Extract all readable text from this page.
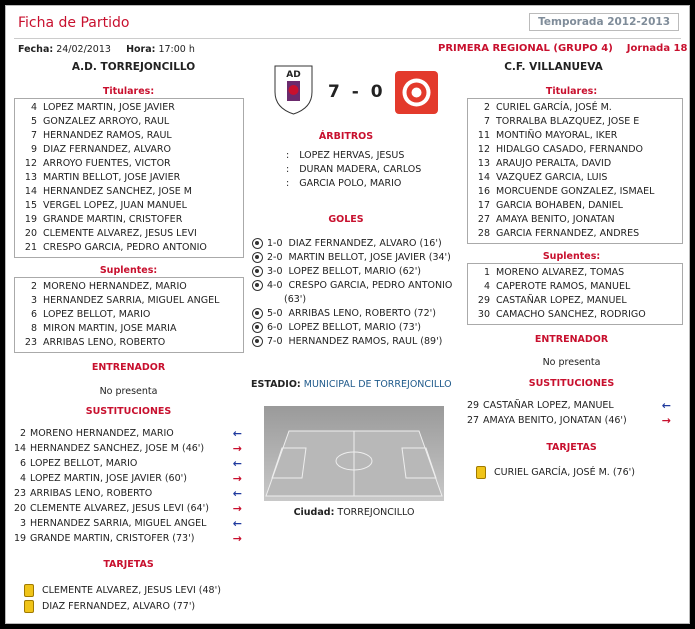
Ficha de Partido	Temporada 2012-2013
Fecha: 24/02/2013 Hora: 17:00 h	PRIMERA REGIONAL (GRUPO 4) Jornada 18
A.D. TORREJONCILLO	C.F. VILLANUEVA
AD
7 - 0
Titulares:
4 LOPEZ MARTIN, JOSE JAVIER
5 GONZALEZ ARROYO, RAUL
7 HERNANDEZ RAMOS, RAUL
9 DIAZ FERNANDEZ, ALVARO
12 ARROYO FUENTES, VICTOR
13 MARTIN BELLOT, JOSE JAVIER
14 HERNANDEZ SANCHEZ, JOSE M
15 VERGEL LOPEZ, JUAN MANUEL
19 GRANDE MARTIN, CRISTOFER
20 CLEMENTE ALVAREZ, JESUS LEVI
21 CRESPO GARCIA, PEDRO ANTONIO
Suplentes:
2 MORENO HERNANDEZ, MARIO
3 HERNANDEZ SARRIA, MIGUEL ANGEL
6 LOPEZ BELLOT, MARIO
8 MIRON MARTIN, JOSE MARIA
23 ARRIBAS LENO, ROBERTO
ENTRENADOR
No presenta
SUSTITUCIONES
2 MORENO HERNANDEZ, MARIO	←
14 HERNANDEZ SANCHEZ, JOSE M (46')	→
6 LOPEZ BELLOT, MARIO	←
4 LOPEZ MARTIN, JOSE JAVIER (60')	→
23 ARRIBAS LENO, ROBERTO	←
20 CLEMENTE ALVAREZ, JESUS LEVI (64') →
3 HERNANDEZ SARRIA, MIGUEL ANGEL ←
19 GRANDE MARTIN, CRISTOFER (73')	→
TARJETAS
CLEMENTE ALVAREZ, JESUS LEVI (48')
DIAZ FERNANDEZ, ALVARO (77')
ÁRBITROS
: LOPEZ HERVAS, JESUS
: DURAN MADERA, CARLOS
: GARCIA POLO, MARIO
GOLES
1-0 DIAZ FERNANDEZ, ALVARO (16')
2-0 MARTIN BELLOT, JOSE JAVIER (34')
3-0 LOPEZ BELLOT, MARIO (62')
4-0 CRESPO GARCIA, PEDRO ANTONIO (63')
5-0 ARRIBAS LENO, ROBERTO (72')
6-0 LOPEZ BELLOT, MARIO (73')
7-0 HERNANDEZ RAMOS, RAUL (89')
ESTADIO: MUNICIPAL DE TORREJONCILLO
Ciudad: TORREJONCILLO
Titulares:
2 CURIEL GARCÍA, JOSÉ M.
7 TORRALBA BLAZQUEZ, JOSE E
11 MONTIÑO MAYORAL, IKER
12 HIDALGO CASADO, FERNANDO
13 ARAUJO PERALTA, DAVID
14 VAZQUEZ GARCIA, LUIS
16 MORCUENDE GONZALEZ, ISMAEL
17 GARCIA BOHABEN, DANIEL
27 AMAYA BENITO, JONATAN
28 GARCIA FERNANDEZ, ANDRES
Suplentes:
1 MORENO ALVAREZ, TOMAS
4 CAPEROTE RAMOS, MANUEL
29 CASTAÑAR LOPEZ, MANUEL
30 CAMACHO SANCHEZ, RODRIGO
ENTRENADOR
No presenta
SUSTITUCIONES
29 CASTAÑAR LOPEZ, MANUEL	←
27 AMAYA BENITO, JONATAN (46')	→
TARJETAS
CURIEL GARCÍA, JOSÉ M. (76')
